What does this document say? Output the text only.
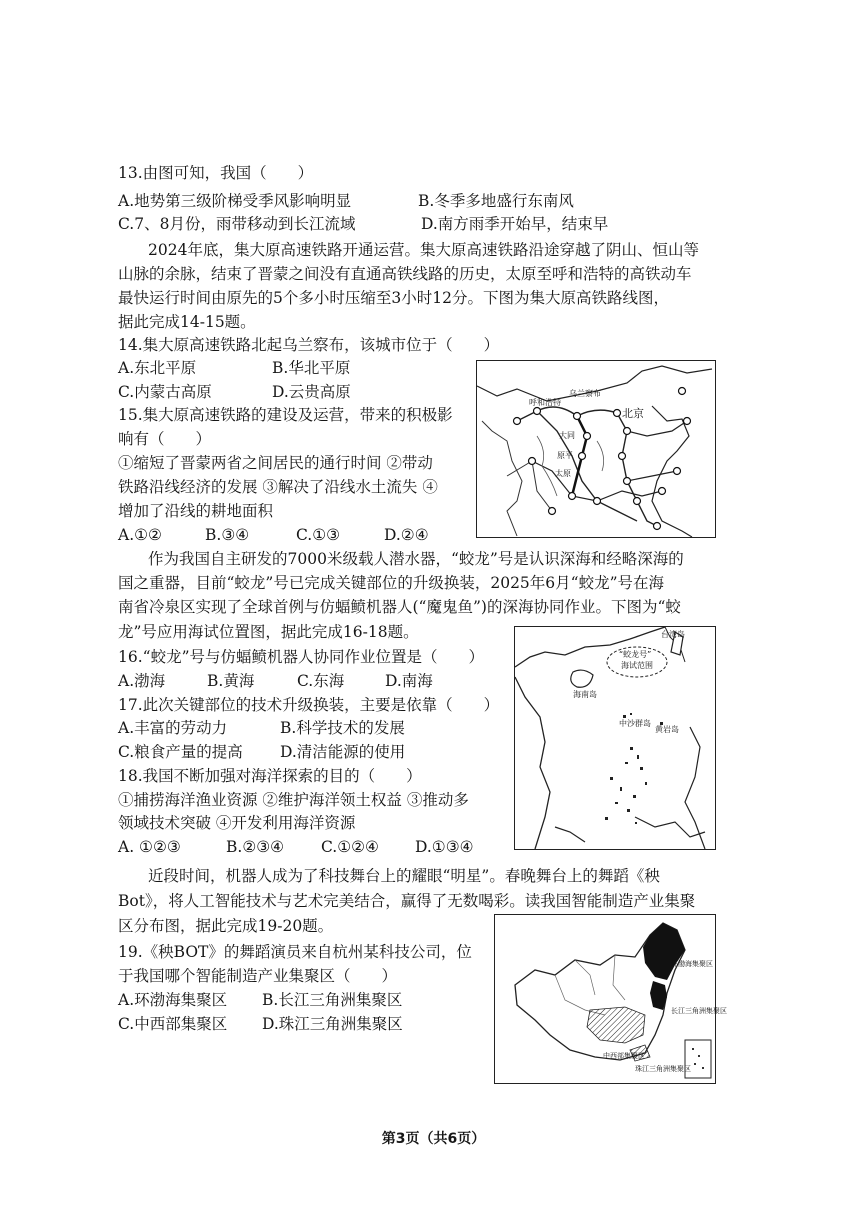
13.由图可知，我国（　　）
A.地势第三级阶梯受季风影响明显	B.冬季多地盛行东南风
C.7、8月份，雨带移动到长江流域	D.南方雨季开始早，结束早
2024年底，集大原高速铁路开通运营。集大原高速铁路沿途穿越了阴山、恒山等
山脉的余脉，结束了晋蒙之间没有直通高铁线路的历史，太原至呼和浩特的高铁动车
最快运行时间由原先的5个多小时压缩至3小时12分。下图为集大原高铁路线图，
据此完成14-15题。
14.集大原高速铁路北起乌兰察布，该城市位于（　　）
A.东北平原	B.华北平原
C.内蒙古高原	D.云贵高原
15.集大原高速铁路的建设及运营，带来的积极影
响有（　　）
①缩短了晋蒙两省之间居民的通行时间 ②带动
铁路沿线经济的发展 ③解决了沿线水土流失 ④
增加了沿线的耕地面积
A.①②	B.③④	C.①③	D.②④
呼和浩特
乌兰察布
北京
大同
原平
太原
作为我国自主研发的7000米级载人潜水器，“蛟龙”号是认识深海和经略深海的
国之重器，目前“蛟龙”号已完成关键部位的升级换装，2025年6月“蛟龙”号在海
南省冷泉区实现了全球首例与仿蝠鲼机器人(“魔鬼鱼”)的深海协同作业。下图为“蛟
龙”号应用海试位置图，据此完成16-18题。
16.“蛟龙”号与仿蝠鲼机器人协同作业位置是（　　）
A.渤海	B.黄海	C.东海	D.南海
17.此次关键部位的技术升级换装，主要是依靠（　　）
A.丰富的劳动力	B.科学技术的发展
C.粮食产量的提高 D.清洁能源的使用
18.我国不断加强对海洋探索的目的（　　）
①捕捞海洋渔业资源 ②维护海洋领土权益 ③推动多
领域技术突破 ④开发利用海洋资源
A. ①②③	B.②③④ C.①②④ D.①③④
台湾岛
“蛟龙号”
海试范围
海南岛
中沙群岛
黄岩岛
近段时间，机器人成为了科技舞台上的耀眼“明星”。春晚舞台上的舞蹈《秧
Bot》，将人工智能技术与艺术完美结合，赢得了无数喝彩。读我国智能制造产业集聚
区分布图，据此完成19-20题。
19.《秧BOT》的舞蹈演员来自杭州某科技公司，位
于我国哪个智能制造产业集聚区（　　）
A.环渤海集聚区 B.长江三角洲集聚区
C.中西部集聚区 D.珠江三角洲集聚区
环渤海集聚区
长江三角洲集聚区
中西部集聚区
珠江三角洲集聚区
第3页（共6页）
